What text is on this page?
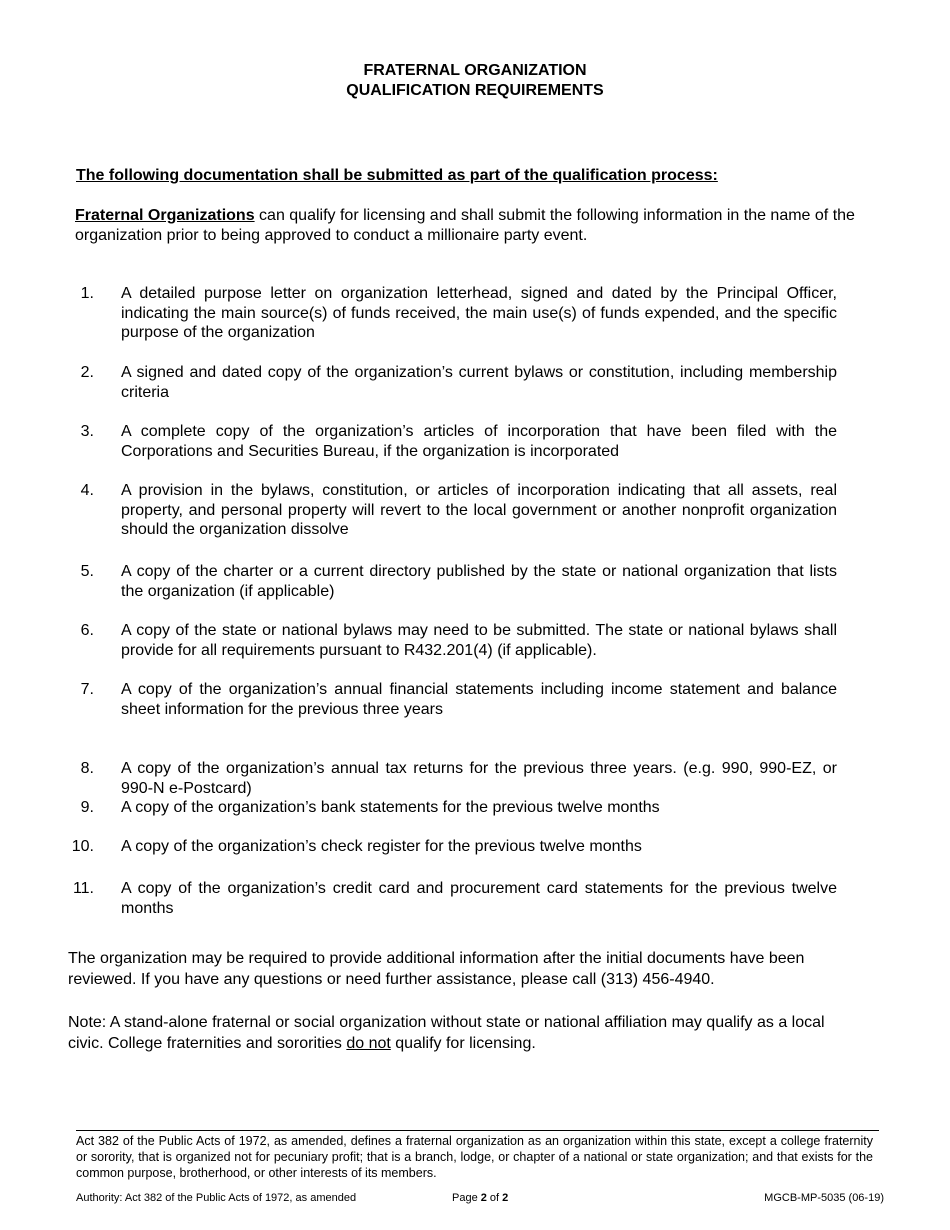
FRATERNAL ORGANIZATION
QUALIFICATION REQUIREMENTS
The following documentation shall be submitted as part of the qualification process:
Fraternal Organizations can qualify for licensing and shall submit the following information in the name of the organization prior to being approved to conduct a millionaire party event.
1. A detailed purpose letter on organization letterhead, signed and dated by the Principal Officer, indicating the main source(s) of funds received, the main use(s) of funds expended, and the specific purpose of the organization
2. A signed and dated copy of the organization’s current bylaws or constitution, including membership criteria
3. A complete copy of the organization’s articles of incorporation that have been filed with the Corporations and Securities Bureau, if the organization is incorporated
4. A provision in the bylaws, constitution, or articles of incorporation indicating that all assets, real property, and personal property will revert to the local government or another nonprofit organization should the organization dissolve
5. A copy of the charter or a current directory published by the state or national organization that lists the organization (if applicable)
6. A copy of the state or national bylaws may need to be submitted. The state or national bylaws shall provide for all requirements pursuant to R432.201(4) (if applicable).
7. A copy of the organization’s annual financial statements including income statement and balance sheet information for the previous three years
8. A copy of the organization’s annual tax returns for the previous three years. (e.g. 990, 990-EZ, or 990-N e-Postcard)
9. A copy of the organization’s bank statements for the previous twelve months
10. A copy of the organization’s check register for the previous twelve months
11. A copy of the organization’s credit card and procurement card statements for the previous twelve months
The organization may be required to provide additional information after the initial documents have been reviewed. If you have any questions or need further assistance, please call (313) 456-4940.
Note: A stand-alone fraternal or social organization without state or national affiliation may qualify as a local civic. College fraternities and sororities do not qualify for licensing.
Act 382 of the Public Acts of 1972, as amended, defines a fraternal organization as an organization within this state, except a college fraternity or sorority, that is organized not for pecuniary profit; that is a branch, lodge, or chapter of a national or state organization; and that exists for the common purpose, brotherhood, or other interests of its members.
Authority: Act 382 of the Public Acts of 1972, as amended	Page 2 of 2	MGCB-MP-5035 (06-19)
